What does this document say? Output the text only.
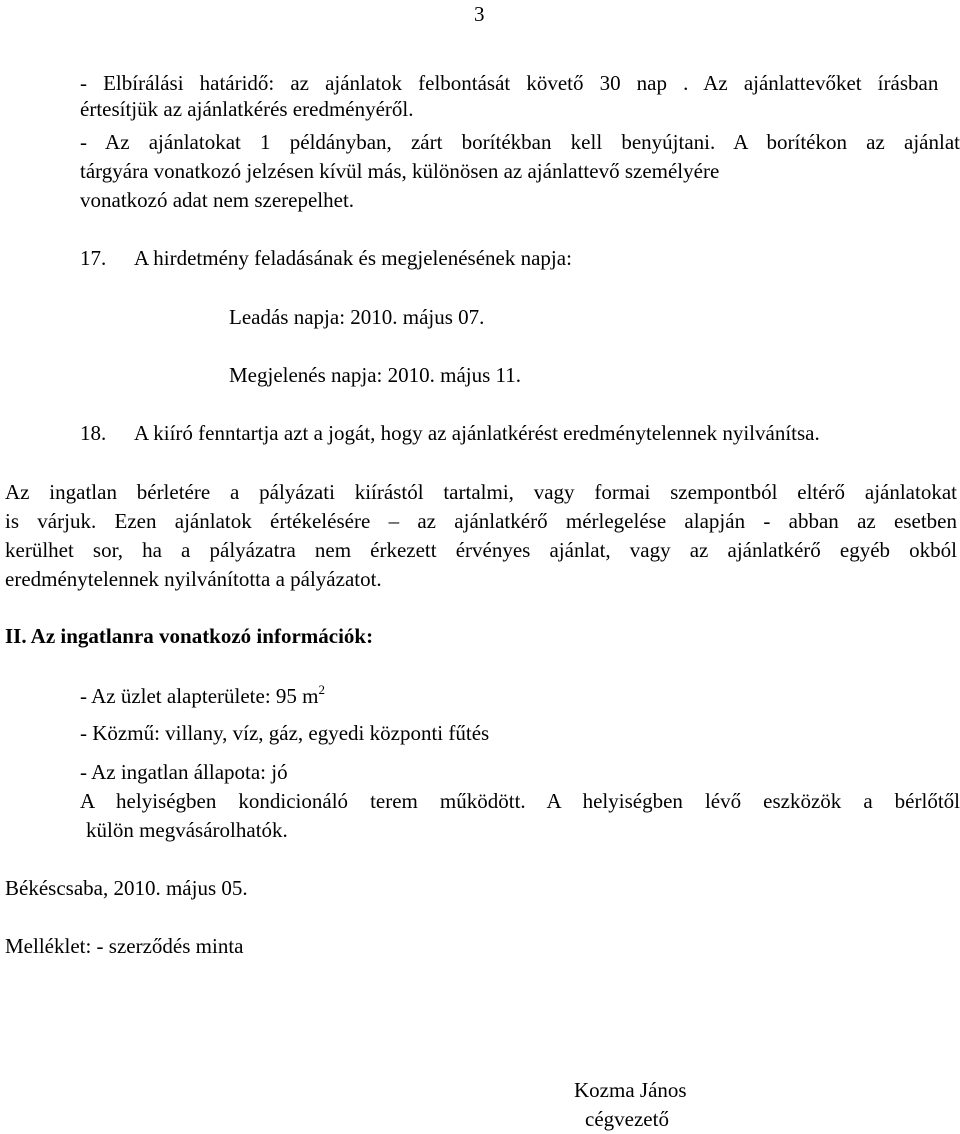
3
- Elbírálási határidő: az ajánlatok felbontását követő 30 nap . Az ajánlattevőket írásban
értesítjük az ajánlatkérés eredményéről.
- Az ajánlatokat 1 példányban, zárt borítékban kell benyújtani. A borítékon az ajánlat
tárgyára vonatkozó jelzésen kívül más, különösen az ajánlattevő személyére
vonatkozó adat nem szerepelhet.
17. A hirdetmény feladásának és megjelenésének napja:
Leadás napja: 2010. május 07.
Megjelenés napja: 2010. május 11.
18. A kiíró fenntartja azt a jogát, hogy az ajánlatkérést eredménytelennek nyilvánítsa.
Az ingatlan bérletére a pályázati kiírástól tartalmi, vagy formai szempontból eltérő ajánlatokat
is várjuk. Ezen ajánlatok értékelésére – az ajánlatkérő mérlegelése alapján - abban az esetben
kerülhet sor, ha a pályázatra nem érkezett érvényes ajánlat, vagy az ajánlatkérő egyéb okból
eredménytelennek nyilvánította a pályázatot.
II. Az ingatlanra vonatkozó információk:
- Az üzlet alapterülete: 95 $m^2$
- Közmű: villany, víz, gáz, egyedi központi fűtés
- Az ingatlan állapota: jó
A helyiségben kondicionáló terem működött. A helyiségben lévő eszközök a bérlőtől
külön megvásárolhatók.
Békéscsaba, 2010. május 05.
Melléklet: - szerződés minta
Kozma János
cégvezető
